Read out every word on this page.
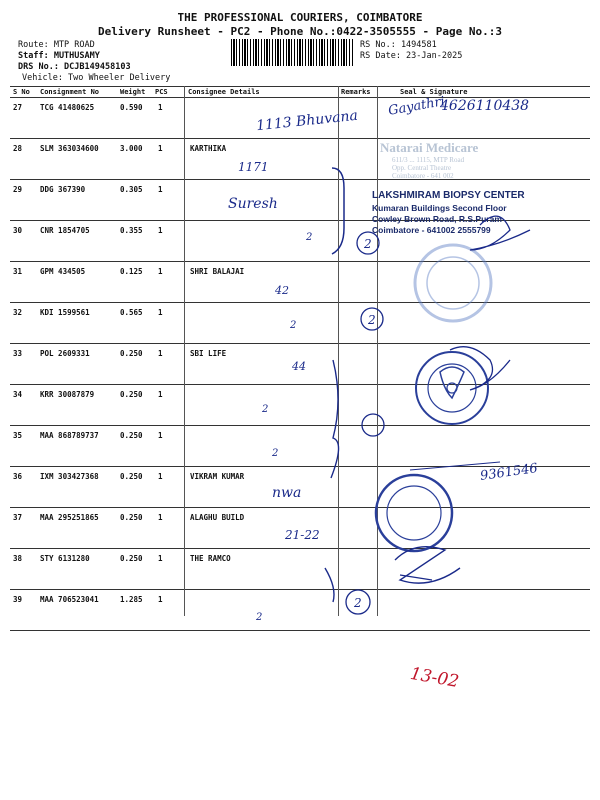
THE PROFESSIONAL COURIERS, COIMBATORE
Delivery Runsheet - PC2 - Phone No.:0422-3505555 - Page No.:3
Route: MTP ROAD
Staff: MUTHUSAMY
DRS No.: DCJB149458103
Vehicle: Two Wheeler Delivery
RS No.: 1494581
RS Date: 23-Jan-2025
S No Consignment No	Weight PCS	Consignee Details	Remarks	Seal & Signature
27 TCG 41480625	0.590 1
28 SLM 363034600	3.000 1	KARTHIKA
29 DDG 367390	0.305 1
30 CNR 1854705	0.355 1
31 GPM 434505	0.125 1	SHRI BALAJAI
32 KDI 1599561	0.565 1
33 POL 2609331	0.250 1	SBI LIFE
34 KRR 30087879	0.250 1
35 MAA 868789737	0.250 1
36 IXM 303427368	0.250 1	VIKRAM KUMAR
37 MAA 295251865	0.250 1	ALAGHU BUILD
38 STY 6131280	0.250 1	THE RAMCO
39 MAA 706523041	1.285 1
Natarai Medicare
611/3 ... 1115, MTP Road
Opp. Central Theatre
Coimbatore - 641 002
LAKSHMIRAM BIOPSY CENTER
Kumaran Buildings Second Floor
Cowley Brown Road, R.S.Puram
Coimbatore - 641002 2555799
2
2
2
2
2
2
2
2
1113 Bhuvana
Gayathri
4626110438
1171
Suresh
42
44
nwa
9361546
21-22
13-02
